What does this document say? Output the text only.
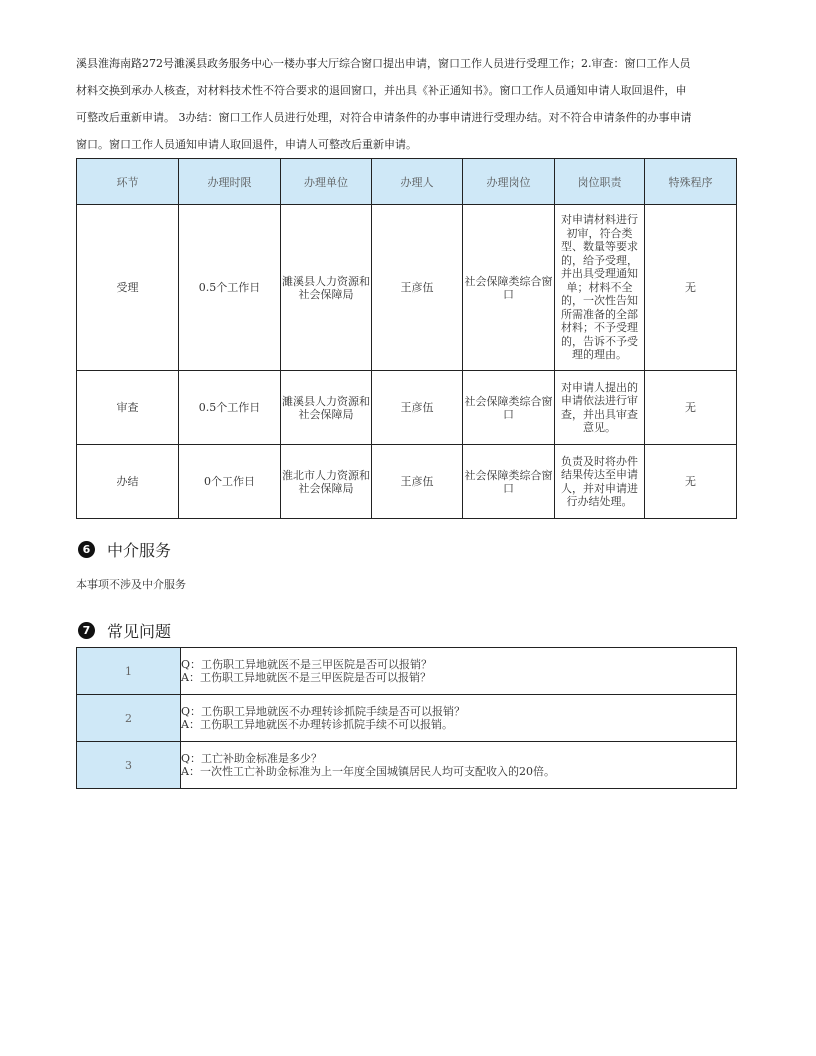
溪县淮海南路272号濉溪县政务服务中心一楼办事大厅综合窗口提出申请，窗口工作人员进行受理工作；2.审查：窗口工作人员
材料交换到承办人核查，对材料技术性不符合要求的退回窗口，并出具《补正通知书》。窗口工作人员通知申请人取回退件，申
可整改后重新申请。 3办结：窗口工作人员进行处理，对符合申请条件的办事申请进行受理办结。对不符合申请条件的办事申请
窗口。窗口工作人员通知申请人取回退件，申请人可整改后重新申请。
环节	办理时限	办理单位	办理人	办理岗位	岗位职责	特殊程序
受理	0.5个工作日	濉溪县人力资源和社会保障局	王彦伍	社会保障类综合窗口	对申请材料进行初审，符合类型、数量等要求的，给予受理，并出具受理通知单；材料不全的，一次性告知所需准备的全部材料；不予受理的，告诉不予受理的理由。	无
审查	0.5个工作日	濉溪县人力资源和社会保障局	王彦伍	社会保障类综合窗口	对申请人提出的申请依法进行审查，并出具审查意见。	无
办结	0个工作日	淮北市人力资源和社会保障局	王彦伍	社会保障类综合窗口	负责及时将办件结果传达至申请人，并对申请进行办结处理。	无
6 中介服务
本事项不涉及中介服务
7 常见问题
1	Q：工伤职工异地就医不是三甲医院是否可以报销？
A：工伤职工异地就医不是三甲医院是否可以报销？

2	Q：工伤职工异地就医不办理转诊抓院手续是否可以报销？
A：工伤职工异地就医不办理转诊抓院手续不可以报销。

3	Q：工亡补助金标准是多少？
A：一次性工亡补助金标准为上一年度全国城镇居民人均可支配收入的20倍。
